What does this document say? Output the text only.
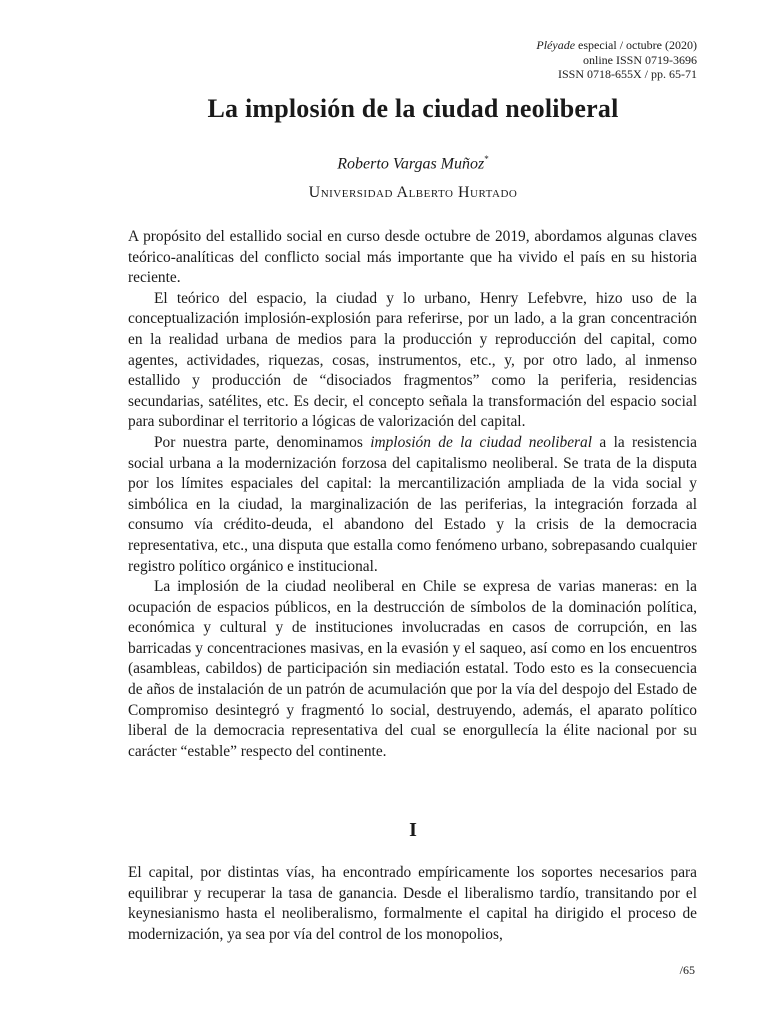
Pléyade especial / octubre (2020)
online ISSN 0719-3696
ISSN 0718-655X / pp. 65-71
La implosión de la ciudad neoliberal
Roberto Vargas Muñoz*
Universidad Alberto Hurtado

A propósito del estallido social en curso desde octubre de 2019, abordamos algunas claves teórico-analíticas del conflicto social más importante que ha vivido el país en su historia reciente.

El teórico del espacio, la ciudad y lo urbano, Henry Lefebvre, hizo uso de la conceptualización implosión-explosión para referirse, por un lado, a la gran concentración en la realidad urbana de medios para la producción y reproducción del capital, como agentes, actividades, riquezas, cosas, instrumentos, etc., y, por otro lado, al inmenso estallido y producción de “disociados fragmentos” como la periferia, residencias secundarias, satélites, etc. Es decir, el concepto señala la transformación del espacio social para subordinar el territorio a lógicas de valorización del capital.

Por nuestra parte, denominamos implosión de la ciudad neoliberal a la resistencia social urbana a la modernización forzosa del capitalismo neoliberal. Se trata de la disputa por los límites espaciales del capital: la mercantilización ampliada de la vida social y simbólica en la ciudad, la marginalización de las periferias, la integración forzada al consumo vía crédito-deuda, el abandono del Estado y la crisis de la democracia representativa, etc., una disputa que estalla como fenómeno urbano, sobrepasando cualquier registro político orgánico e institucional.

La implosión de la ciudad neoliberal en Chile se expresa de varias maneras: en la ocupación de espacios públicos, en la destrucción de símbolos de la dominación política, económica y cultural y de instituciones involucradas en casos de corrupción, en las barricadas y concentraciones masivas, en la evasión y el saqueo, así como en los encuentros (asambleas, cabildos) de participación sin mediación estatal. Todo esto es la consecuencia de años de instalación de un patrón de acumulación que por la vía del despojo del Estado de Compromiso desintegró y fragmentó lo social, destruyendo, además, el aparato político liberal de la democracia representativa del cual se enorgullecía la élite nacional por su carácter “estable” respecto del continente.

I

El capital, por distintas vías, ha encontrado empíricamente los soportes necesarios para equilibrar y recuperar la tasa de ganancia. Desde el liberalismo tardío, transitando por el keynesianismo hasta el neoliberalismo, formalmente el capital ha dirigido el proceso de modernización, ya sea por vía del control de los monopolios,

/65
